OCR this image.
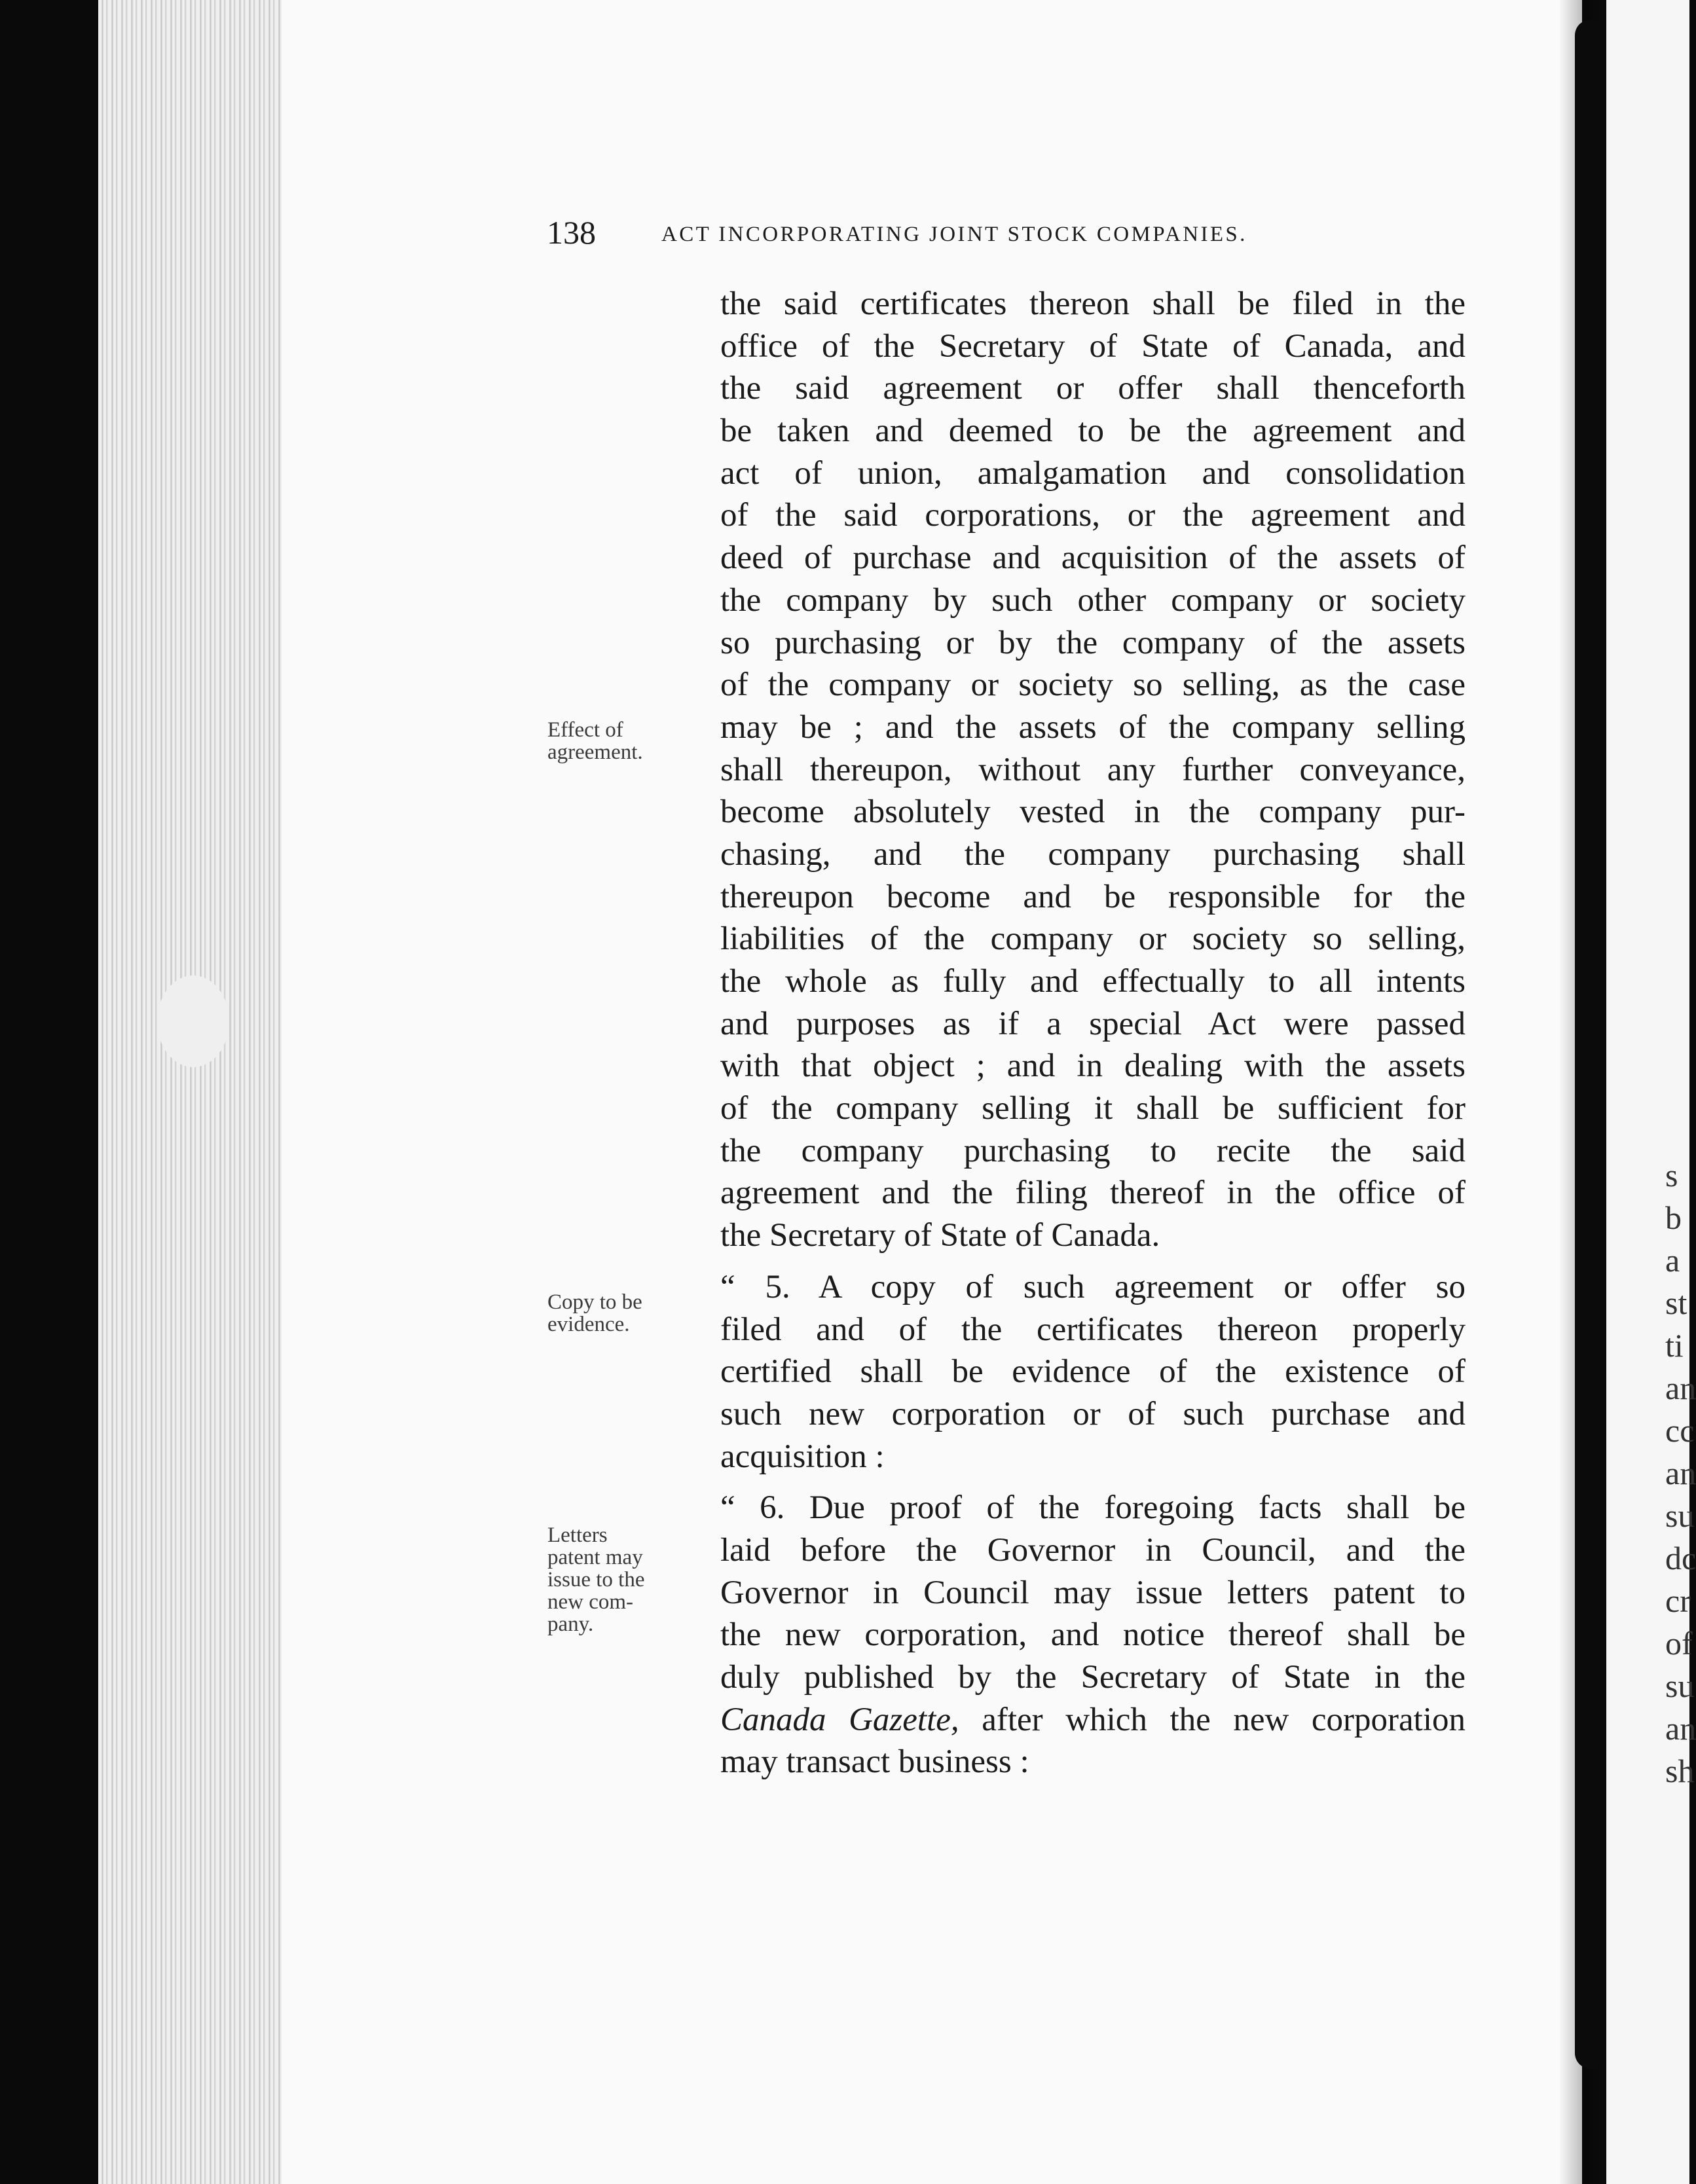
s
b
a
st
ti
an
cc
an
su
dc
cr
of
su
an
sh
138	ACT INCORPORATING JOINT STOCK COMPANIES.
Effect of
agreement.
Copy to be
evidence.
Letters
patent may
issue to the
new com-
pany.
the said certificates thereon shall be filed in the
office of the Secretary of State of Canada, and
the said agreement or offer shall thenceforth
be taken and deemed to be the agreement and
act of union, amalgamation and consolidation
of the said corporations, or the agreement and
deed of purchase and acquisition of the assets of
the company by such other company or society
so purchasing or by the company of the assets
of the company or society so selling, as the case
may be ; and the assets of the company selling
shall thereupon, without any further conveyance,
become absolutely vested in the company pur-
chasing, and the company purchasing shall
thereupon become and be responsible for the
liabilities of the company or society so selling,
the whole as fully and effectually to all intents
and purposes as if a special Act were passed
with that object ; and in dealing with the assets
of the company selling it shall be sufficient for
the company purchasing to recite the said
agreement and the filing thereof in the office of
the Secretary of State of Canada.
“ 5. A copy of such agreement or offer so
filed and of the certificates thereon properly
certified shall be evidence of the existence of
such new corporation or of such purchase and
acquisition :
“ 6. Due proof of the foregoing facts shall be
laid before the Governor in Council, and the
Governor in Council may issue letters patent to
the new corporation, and notice thereof shall be
duly published by the Secretary of State in the
Canada Gazette, after which the new corporation
may transact business :
